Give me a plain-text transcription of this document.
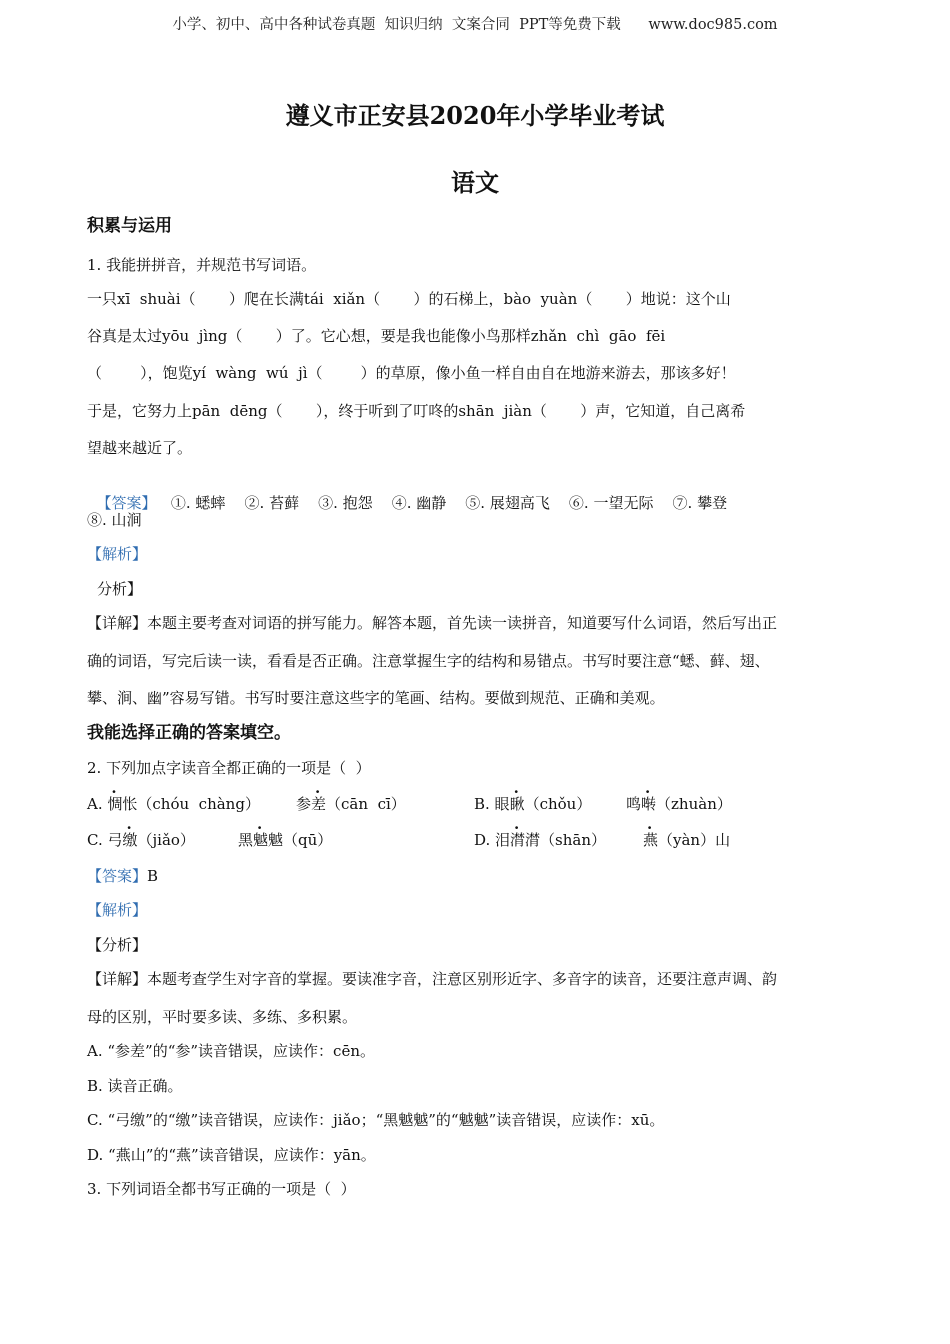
小学、初中、高中各种试卷真题  知识归纳  文案合同  PPT等免费下载      www.doc985.com
遵义市正安县2020年小学毕业考试
语文
积累与运用
1. 我能拼拼音，并规范书写词语。
一只xī  shuài（       ）爬在长满tái  xiǎn（       ）的石梯上，bào  yuàn（       ）地说：这个山
谷真是太过yōu  jìng（       ）了。它心想，要是我也能像小鸟那样zhǎn  chì  gāo  fēi
（        ），饱览yí  wàng  wú  jì（        ）的草原，像小鱼一样自由自在地游来游去，那该多好！
于是，它努力上pān  dēng（       ），终于听到了叮咚的shān  jiàn（       ）声，它知道，自己离希
望越来越近了。

【答案】 ①. 蟋蟀    ②. 苔藓    ③. 抱怨    ④. 幽静    ⑤. 展翅高飞    ⑥. 一望无际    ⑦. 攀登

⑧. 山涧
【解析】
分析】
【详解】本题主要考查对词语的拼写能力。解答本题，首先读一读拼音，知道要写什么词语，然后写出正
确的词语，写完后读一读，看看是否正确。注意掌握生字的结构和易错点。书写时要注意“蟋、藓、翅、
攀、涧、幽”容易写错。书写时要注意这些字的笔画、结构。要做到规范、正确和美观。
我能选择正确的答案填空。
2. 下列加点字读音全都正确的一项是（  ）
A. 惆怅（chóu  chàng） 参差（cān  cī）	B. 眼瞅（chǒu） 鸣啭（zhuàn）
C. 弓缴（jiǎo）	黑魆魆（qū）	D. 泪潸潸（shān） 燕（yàn）山
【答案】B
【解析】
【分析】
【详解】本题考查学生对字音的掌握。要读准字音，注意区别形近字、多音字的读音，还要注意声调、韵
母的区别，平时要多读、多练、多积累。
A. “参差”的“参”读音错误，应读作：cēn。
B. 读音正确。
C. “弓缴”的“缴”读音错误，应读作：jiǎo；“黑魆魆”的“魆魆”读音错误，应读作：xū。
D. “燕山”的“燕”读音错误，应读作：yān。
3. 下列词语全都书写正确的一项是（  ）
